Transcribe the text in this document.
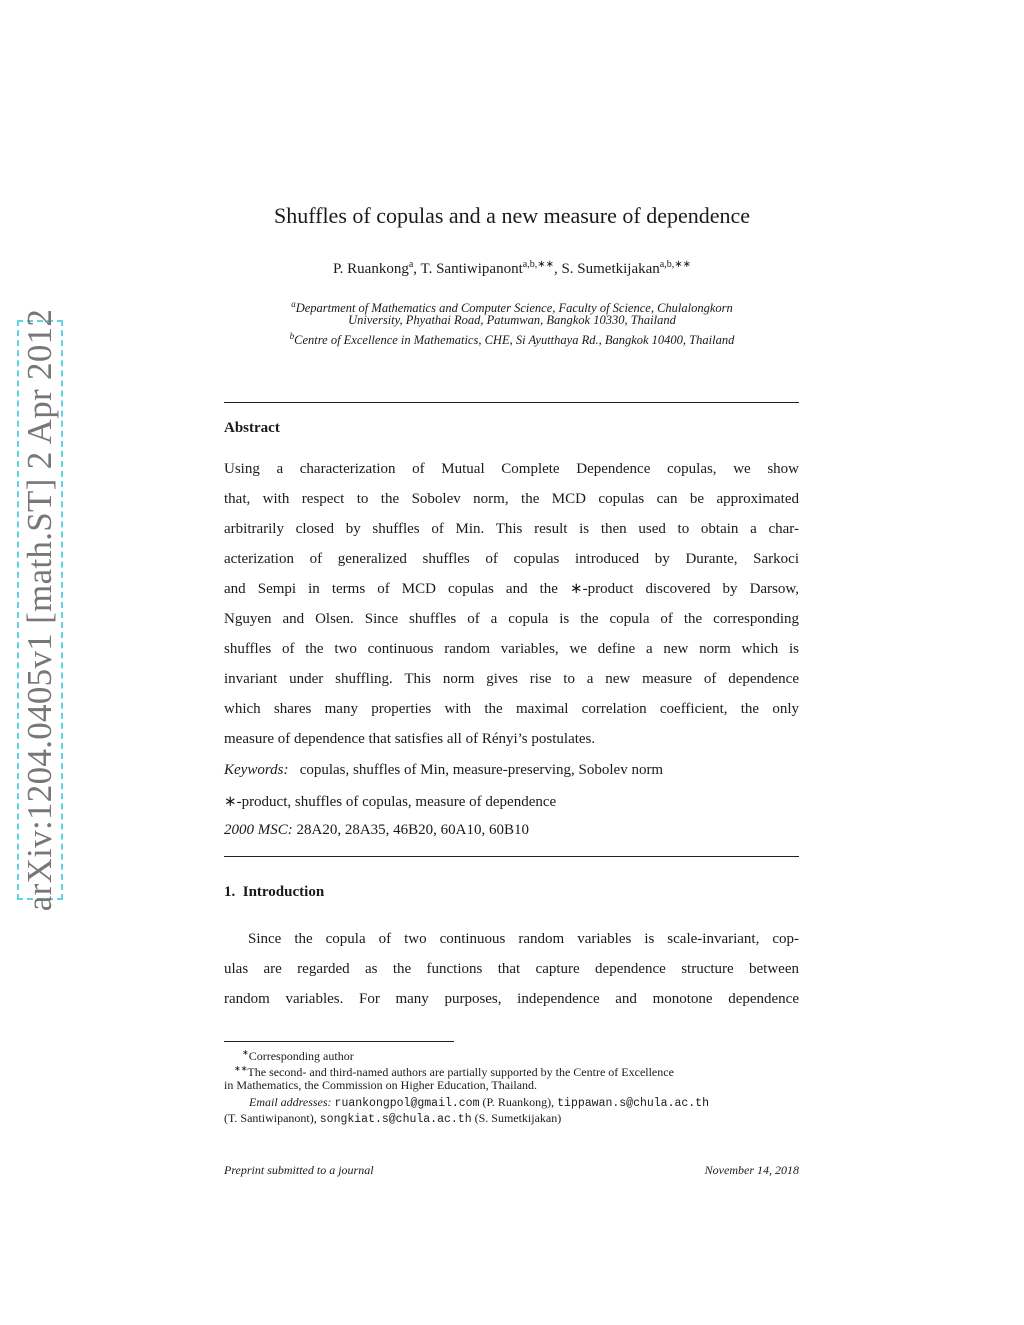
arXiv:1204.0405v1 [math.ST] 2 Apr 2012
Shuffles of copulas and a new measure of dependence
P. Ruankong$^a$, T. Santiwipanont$^{a,b,∗∗}$, S. Sumetkijakan$^{a,b,∗∗}$
$^a$Department of Mathematics and Computer Science, Faculty of Science, Chulalongkorn
University, Phyathai Road, Patumwan, Bangkok 10330, Thailand
$^b$Centre of Excellence in Mathematics, CHE, Si Ayutthaya Rd., Bangkok 10400, Thailand
Abstract
Using a characterization of Mutual Complete Dependence copulas, we show
that, with respect to the Sobolev norm, the MCD copulas can be approximated
arbitrarily closed by shuffles of Min. This result is then used to obtain a char-
acterization of generalized shuffles of copulas introduced by Durante, Sarkoci
and Sempi in terms of MCD copulas and the ∗-product discovered by Darsow,
Nguyen and Olsen. Since shuffles of a copula is the copula of the corresponding
shuffles of the two continuous random variables, we define a new norm which is
invariant under shuffling. This norm gives rise to a new measure of dependence
which shares many properties with the maximal correlation coefficient, the only
measure of dependence that satisfies all of Rényi’s postulates.
Keywords: copulas, shuffles of Min, measure-preserving, Sobolev norm
∗-product, shuffles of copulas, measure of dependence
2000 MSC: 28A20, 28A35, 46B20, 60A10, 60B10
1.  Introduction
Since the copula of two continuous random variables is scale-invariant, cop-
ulas are regarded as the functions that capture dependence structure between
random variables. For many purposes, independence and monotone dependence
∗Corresponding author
∗∗The second- and third-named authors are partially supported by the Centre of Excellence
in Mathematics, the Commission on Higher Education, Thailand.
Email addresses: ruankongpol@gmail.com (P. Ruankong), tippawan.s@chula.ac.th
(T. Santiwipanont), songkiat.s@chula.ac.th (S. Sumetkijakan)
Preprint submitted to a journal	November 14, 2018
